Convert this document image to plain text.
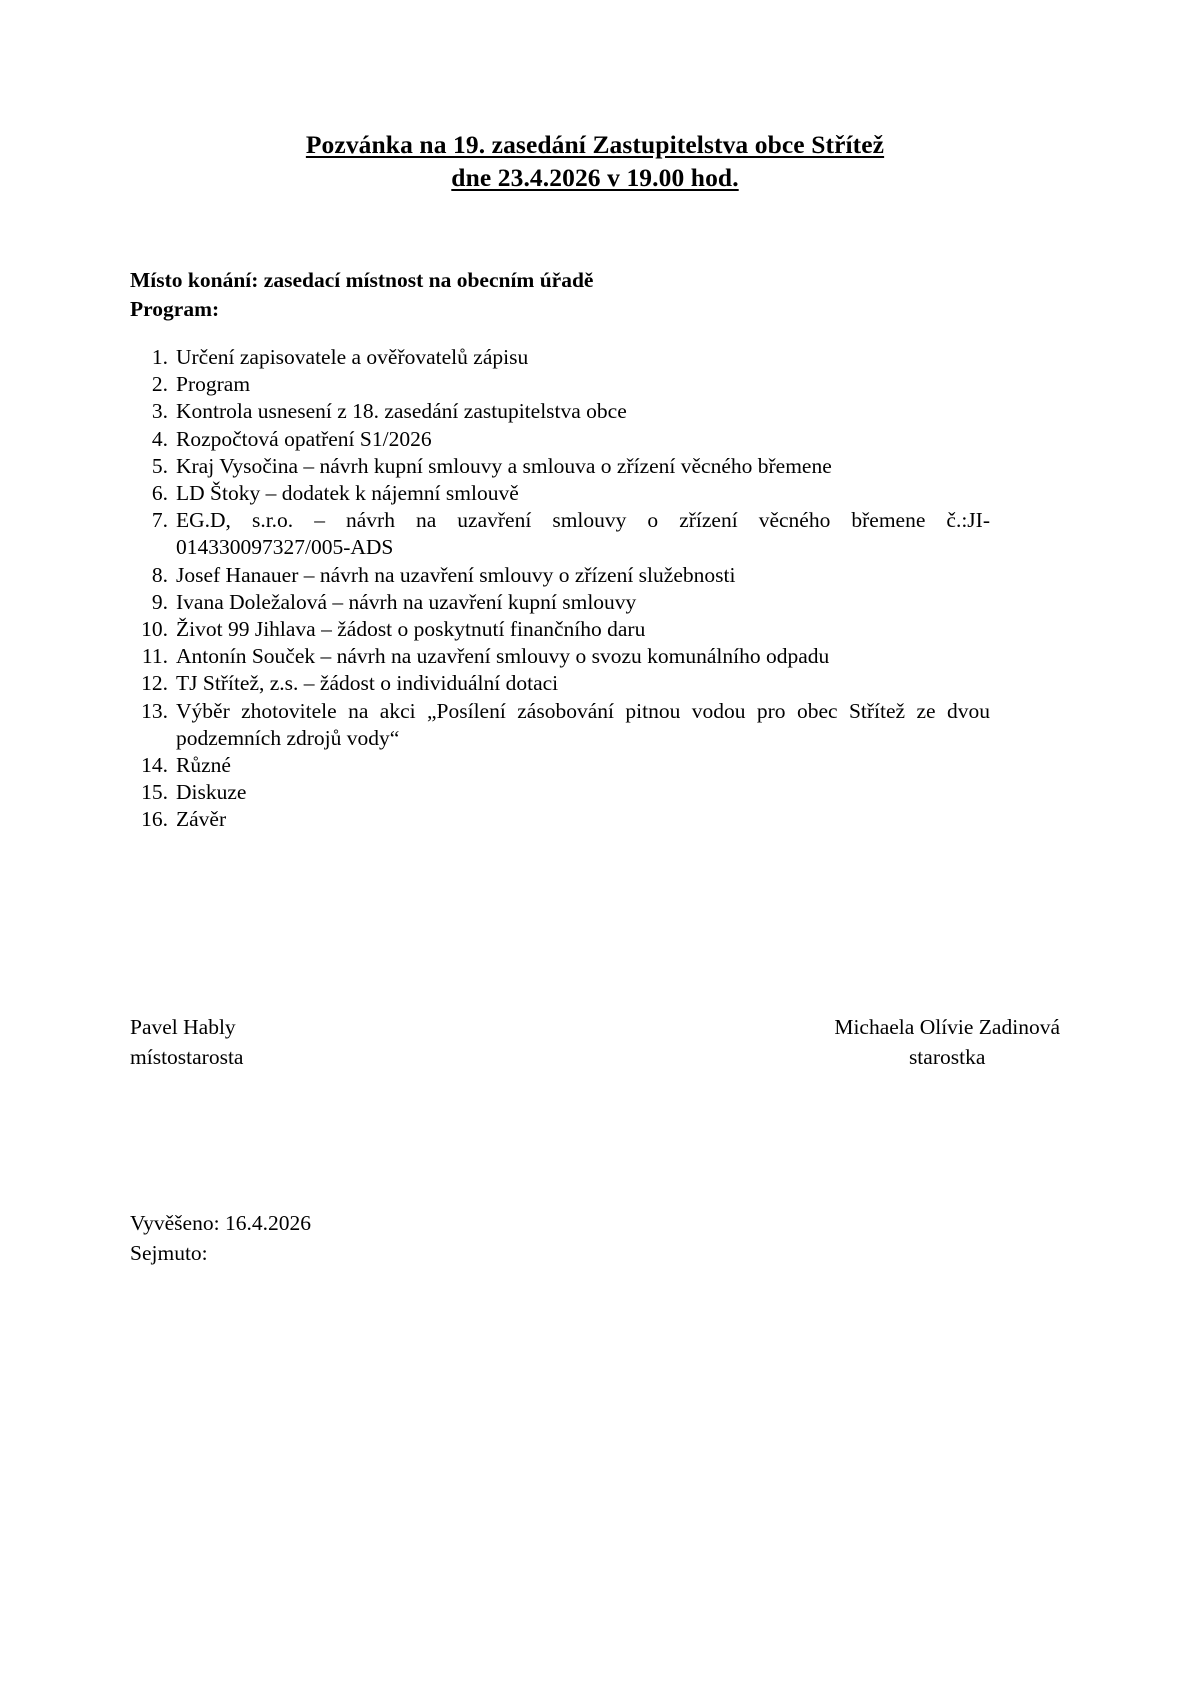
Pozvánka na 19. zasedání Zastupitelstva obce Střítež
dne 23.4.2026 v 19.00 hod.
Místo konání: zasedací místnost na obecním úřadě
Program:
1. Určení zapisovatele a ověřovatelů zápisu
2. Program
3. Kontrola usnesení z 18. zasedání zastupitelstva obce
4. Rozpočtová opatření S1/2026
5. Kraj Vysočina – návrh kupní smlouvy a smlouva o zřízení věcného břemene
6. LD Štoky – dodatek k nájemní smlouvě
7. EG.D, s.r.o. – návrh na uzavření smlouvy o zřízení věcného břemene č.:JI-014330097327/005-ADS
8. Josef Hanauer – návrh na uzavření smlouvy o zřízení služebnosti
9. Ivana Doležalová – návrh na uzavření kupní smlouvy
10. Život 99 Jihlava – žádost o poskytnutí finančního daru
11. Antonín Souček – návrh na uzavření smlouvy o svozu komunálního odpadu
12. TJ Střítež, z.s. – žádost o individuální dotaci
13. Výběr zhotovitele na akci „Posílení zásobování pitnou vodou pro obec Střítež ze dvou podzemních zdrojů vody“
14. Různé
15. Diskuze
16. Závěr
Pavel Hably
místostarosta
Michaela Olívie Zadinová
starostka
Vyvěšeno: 16.4.2026
Sejmuto:
